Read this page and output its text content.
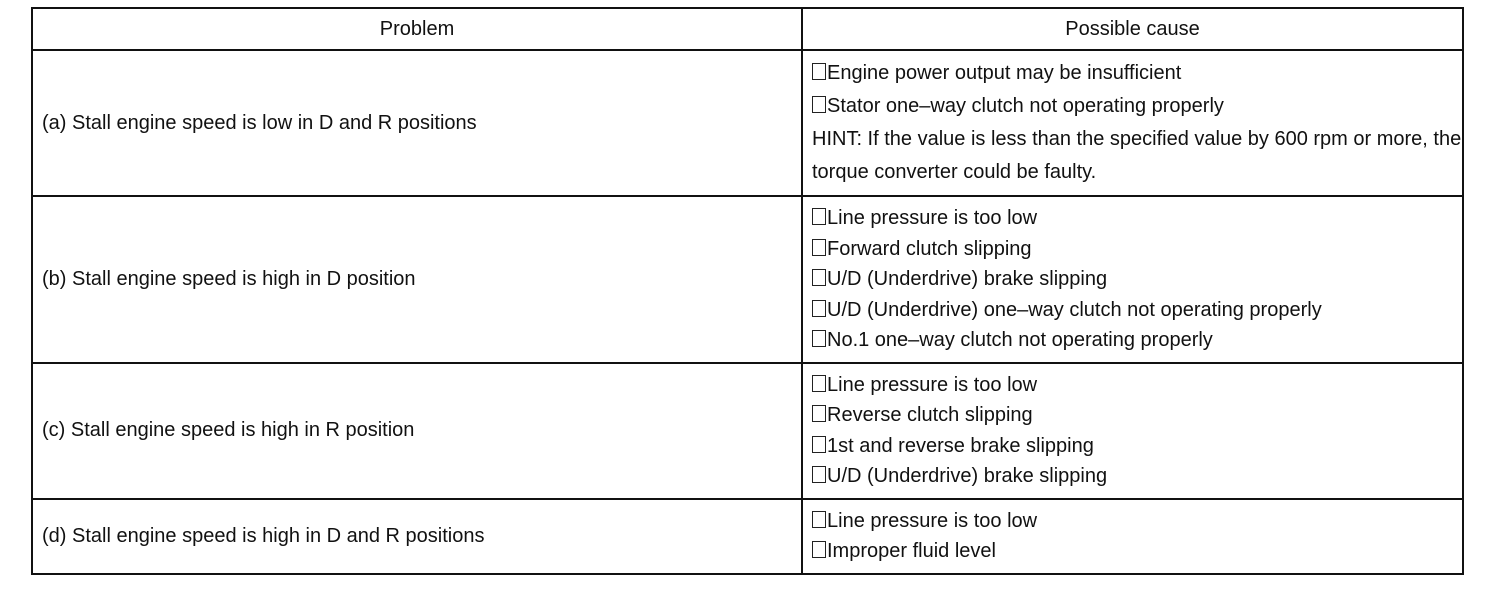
Problem	Possible cause
(a) Stall engine speed is low in D and R positions	Engine power output may be insufficient
Stator one–way clutch not operating properly
HINT: If the value is less than the specified value by 600 rpm or more, the torque converter could be faulty.

(b) Stall engine speed is high in D position	Line pressure is too low
Forward clutch slipping
U/D (Underdrive) brake slipping
U/D (Underdrive) one–way clutch not operating properly
No.1 one–way clutch not operating properly

(c) Stall engine speed is high in R position	Line pressure is too low
Reverse clutch slipping
1st and reverse brake slipping
U/D (Underdrive) brake slipping

(d) Stall engine speed is high in D and R positions	Line pressure is too low
Improper fluid level
